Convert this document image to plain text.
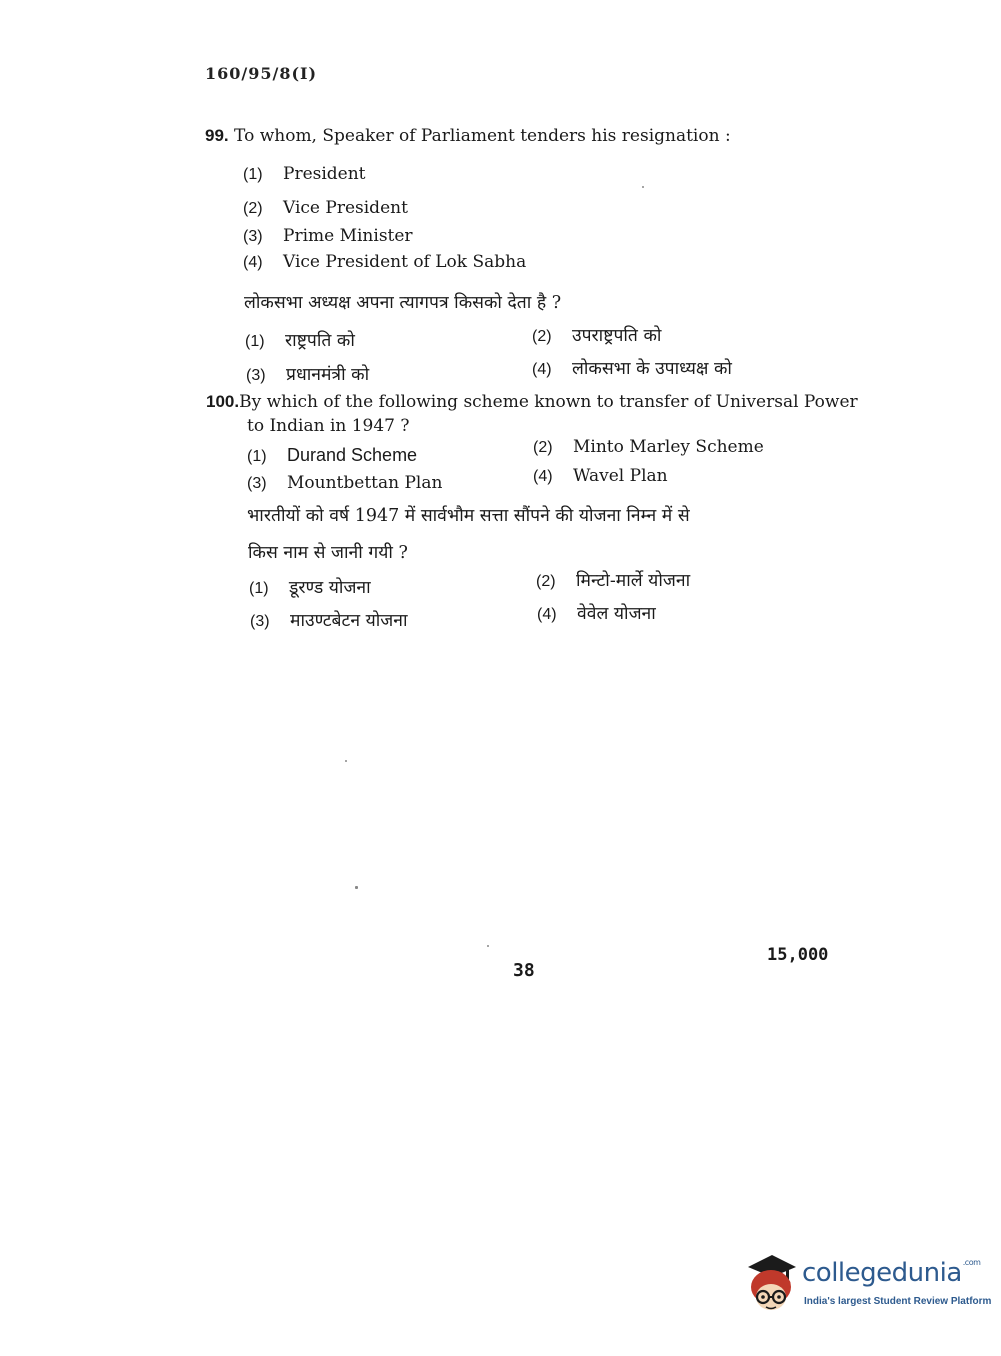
160/95/8(I)
99. To whom, Speaker of Parliament tenders his resignation :
(1) President
(2) Vice President
(3) Prime Minister
(4) Vice President of Lok Sabha
लोकसभा अध्यक्ष अपना त्यागपत्र किसको देता है ?
(1) राष्ट्रपति को	(2) उपराष्ट्रपति को
(3) प्रधानमंत्री को	(4) लोकसभा के उपाध्यक्ष को
100.By which of the following scheme known to transfer of Universal Power
to Indian in 1947 ?
(1) Durand Scheme	(2) Minto Marley Scheme
(3) Mountbettan Plan	(4) Wavel Plan
भारतीयों को वर्ष 1947 में सार्वभौम सत्ता सौंपने की योजना निम्न में से
किस नाम से जानी गयी ?
(1) डूरण्ड योजना	(2) मिन्टो-मार्ले योजना
(3) माउण्टबेटन योजना	(4) वेवेल योजना
38
15,000
collegedunia$^{.com}$
India's largest Student Review Platform
